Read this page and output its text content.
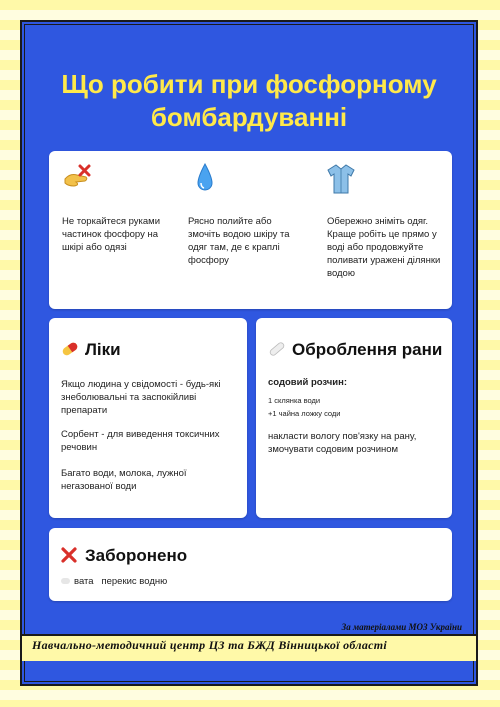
Що робити при фосфорному
бомбардуванні
Не торкайтеся руками частинок фосфору на шкірі або одязі
Рясно полийте або змочіть водою шкіру та одяг там, де є краплі фосфору
Обережно зніміть одяг. Краще робіть це прямо у воді або продовжуйте поливати уражені ділянки водою
Ліки
Якщо людина у свідомості - будь-які знеболювальні та заспокійливі препарати
Сорбент - для виведення токсичних речовин
Багато води, молока, лужної негазованої води
Оброблення рани
содовий розчин:
1 склянка води
+1 чайна ложку соди
накласти вологу пов'язку на рану, змочувати содовим розчином
Заборонено
вата   перекис водню
За матеріалами МОЗ України
Навчально-методичний центр ЦЗ та БЖД Вінницької області
